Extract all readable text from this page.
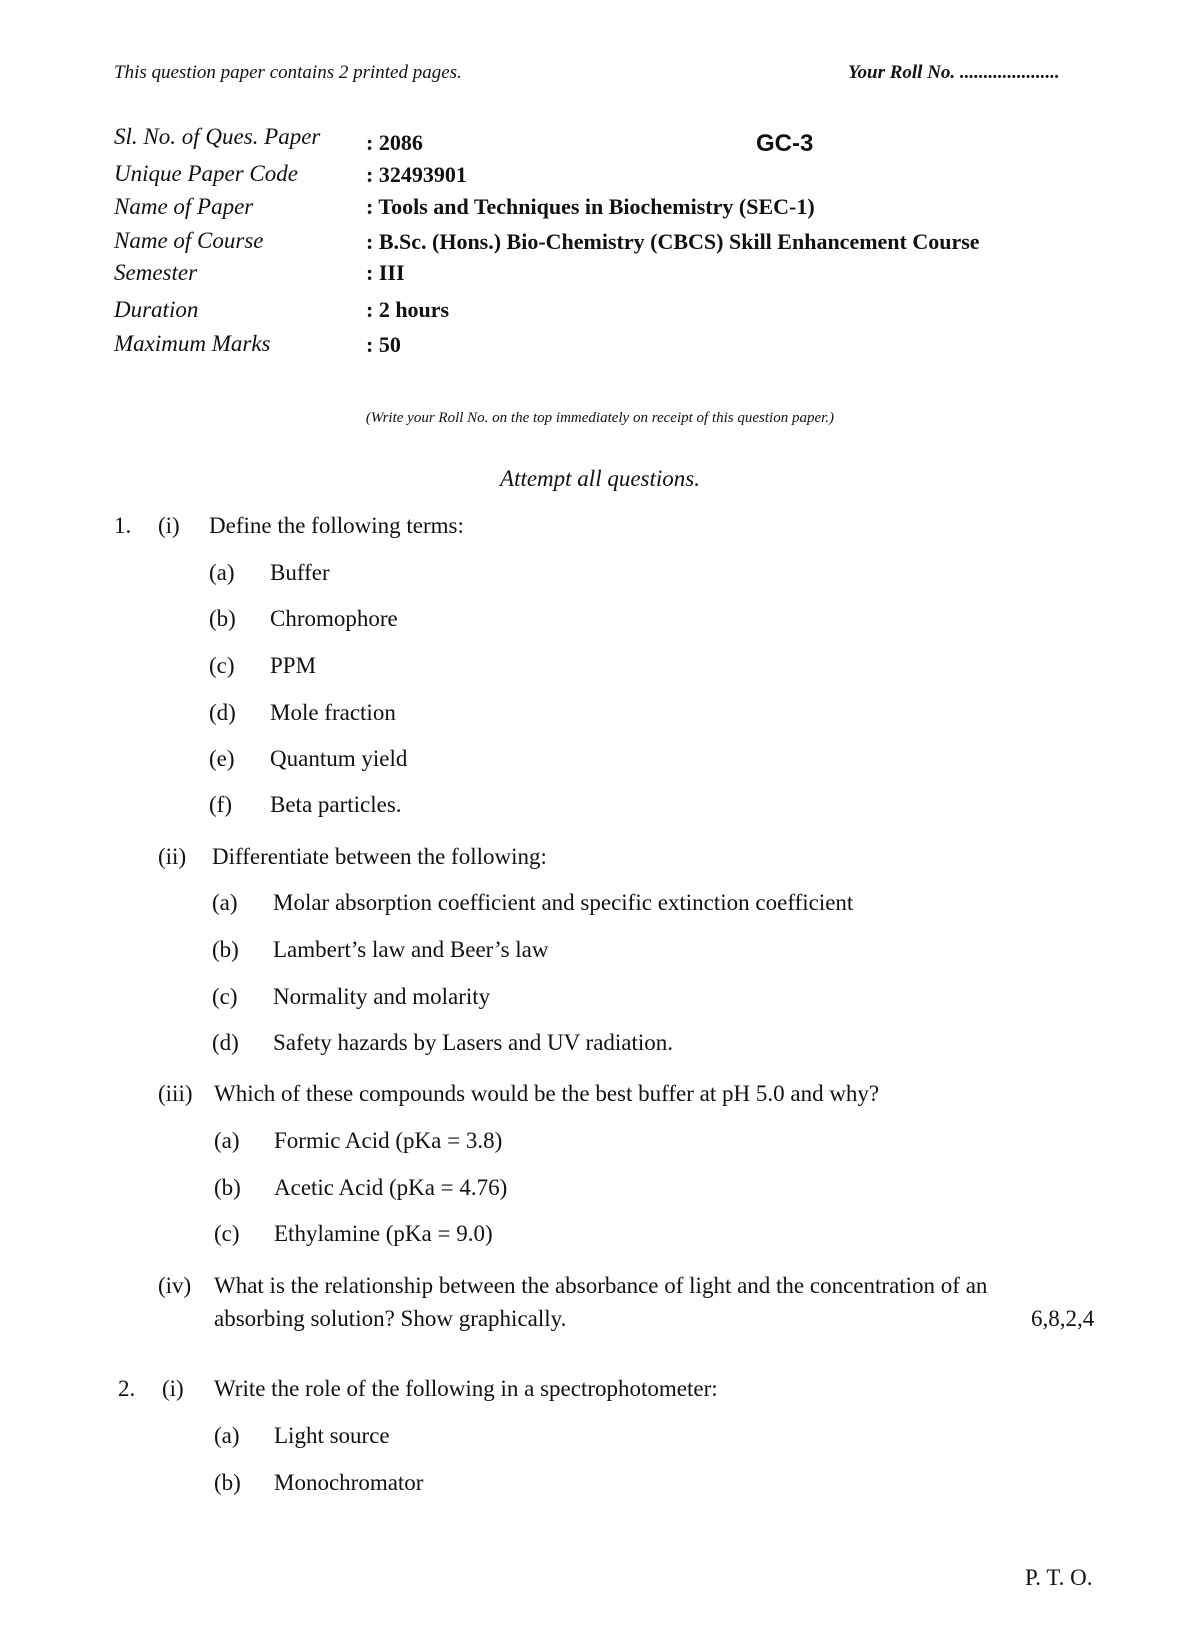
This question paper contains 2 printed pages.	Your Roll No. .....................
Sl. No. of Ques. Paper : 2086
Unique Paper Code	: 32493901
Name of Paper	: Tools and Techniques in Biochemistry (SEC-1)
Name of Course	: B.Sc. (Hons.) Bio-Chemistry (CBCS) Skill Enhancement Course
Semester	: III
Duration	: 2 hours
Maximum Marks	: 50
GC-3
(Write your Roll No. on the top immediately on receipt of this question paper.)
Attempt all questions.
1. (i) Define the following terms:
(a) Buffer
(b) Chromophore
(c) PPM
(d) Mole fraction
(e) Quantum yield
(f) Beta particles.
(ii) Differentiate between the following:
(a) Molar absorption coefficient and specific extinction coefficient
(b) Lambert’s law and Beer’s law
(c) Normality and molarity
(d) Safety hazards by Lasers and UV radiation.
(iii) Which of these compounds would be the best buffer at pH 5.0 and why?
(a) Formic Acid (pKa = 3.8)
(b) Acetic Acid (pKa = 4.76)
(c) Ethylamine (pKa = 9.0)
(iv) What is the relationship between the absorbance of light and the concentration of an
absorbing solution? Show graphically.	6,8,2,4
2. (i) Write the role of the following in a spectrophotometer:
(a) Light source
(b) Monochromator
P. T. O.
